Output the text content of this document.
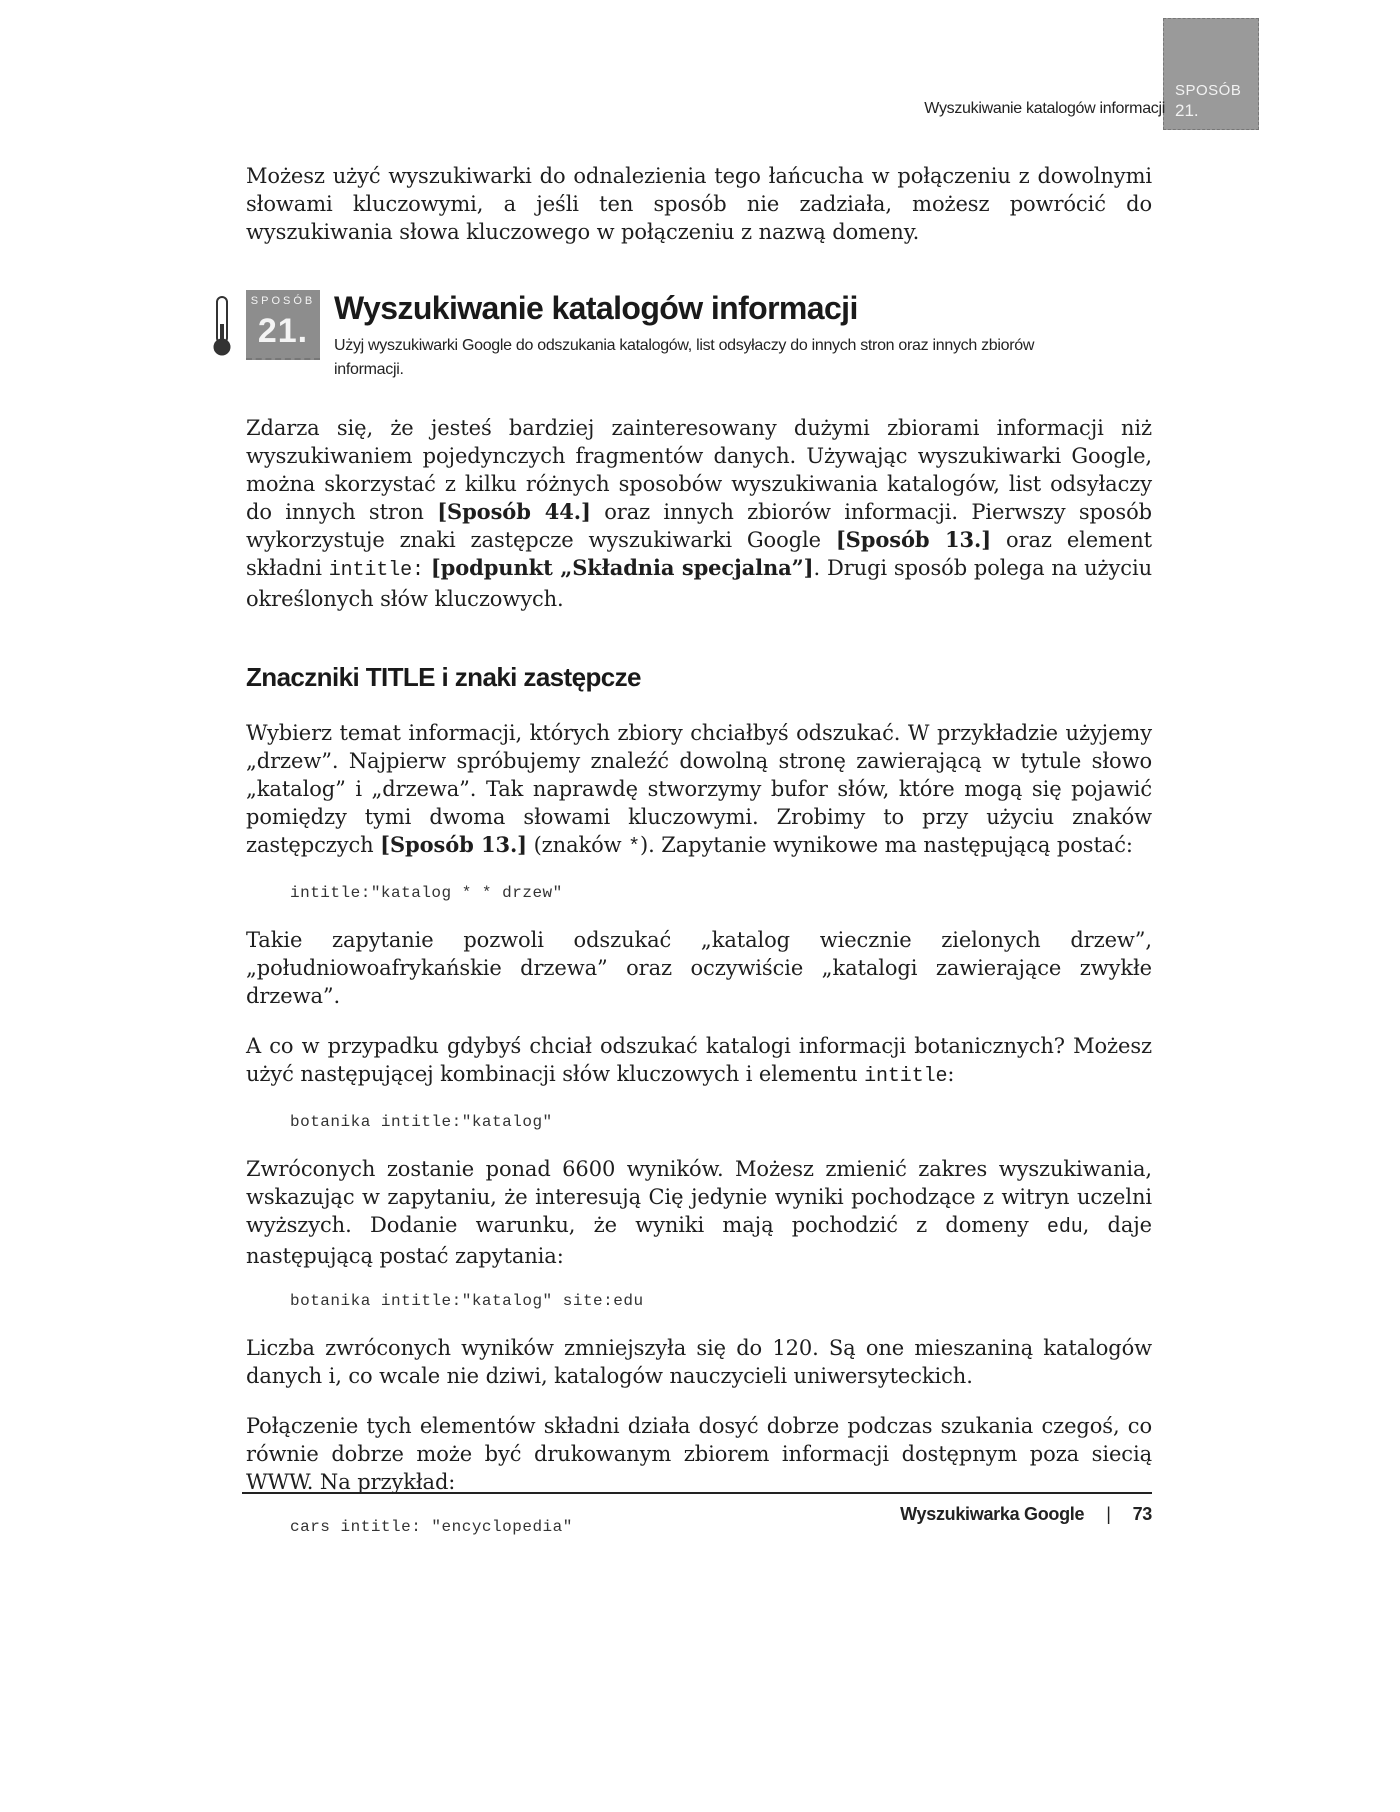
SPOSÓB
21.
Wyszukiwanie katalogów informacji

Możesz użyć wyszukiwarki do odnalezienia tego łańcucha w połączeniu z dowolnymi słowami kluczowymi, a jeśli ten sposób nie zadziała, możesz powrócić do wyszukiwania słowa kluczowego w połączeniu z nazwą domeny.

SPOSÓB
21.
Wyszukiwanie katalogów informacji
Użyj wyszukiwarki Google do odszukania katalogów, list odsyłaczy do innych stron oraz innych zbiorów informacji.

Zdarza się, że jesteś bardziej zainteresowany dużymi zbiorami informacji niż wyszukiwaniem pojedynczych fragmentów danych. Używając wyszukiwarki Google, można skorzystać z kilku różnych sposobów wyszukiwania katalogów, list odsyłaczy do innych stron [Sposób 44.] oraz innych zbiorów informacji. Pierwszy sposób wykorzystuje znaki zastępcze wyszukiwarki Google [Sposób 13.] oraz element składni intitle: [podpunkt „Składnia specjalna”]. Drugi sposób polega na użyciu określonych słów kluczowych.

Znaczniki TITLE i znaki zastępcze

Wybierz temat informacji, których zbiory chciałbyś odszukać. W przykładzie użyjemy „drzew”. Najpierw spróbujemy znaleźć dowolną stronę zawierającą w tytule słowo „katalog” i „drzewa”. Tak naprawdę stworzymy bufor słów, które mogą się pojawić pomiędzy tymi dwoma słowami kluczowymi. Zrobimy to przy użyciu znaków zastępczych [Sposób 13.] (znaków *). Zapytanie wynikowe ma następującą postać:

intitle:"katalog * * drzew"

Takie zapytanie pozwoli odszukać „katalog wiecznie zielonych drzew”, „południowoafrykańskie drzewa” oraz oczywiście „katalogi zawierające zwykłe drzewa”.

A co w przypadku gdybyś chciał odszukać katalogi informacji botanicznych? Możesz użyć następującej kombinacji słów kluczowych i elementu intitle:

botanika intitle:"katalog"

Zwróconych zostanie ponad 6600 wyników. Możesz zmienić zakres wyszukiwania, wskazując w zapytaniu, że interesują Cię jedynie wyniki pochodzące z witryn uczelni wyższych. Dodanie warunku, że wyniki mają pochodzić z domeny edu, daje następującą postać zapytania:

botanika intitle:"katalog" site:edu

Liczba zwróconych wyników zmniejszyła się do 120. Są one mieszaniną katalogów danych i, co wcale nie dziwi, katalogów nauczycieli uniwersyteckich.

Połączenie tych elementów składni działa dosyć dobrze podczas szukania czegoś, co równie dobrze może być drukowanym zbiorem informacji dostępnym poza siecią WWW. Na przykład:

cars intitle: "encyclopedia"
Wyszukiwarka Google | 73
